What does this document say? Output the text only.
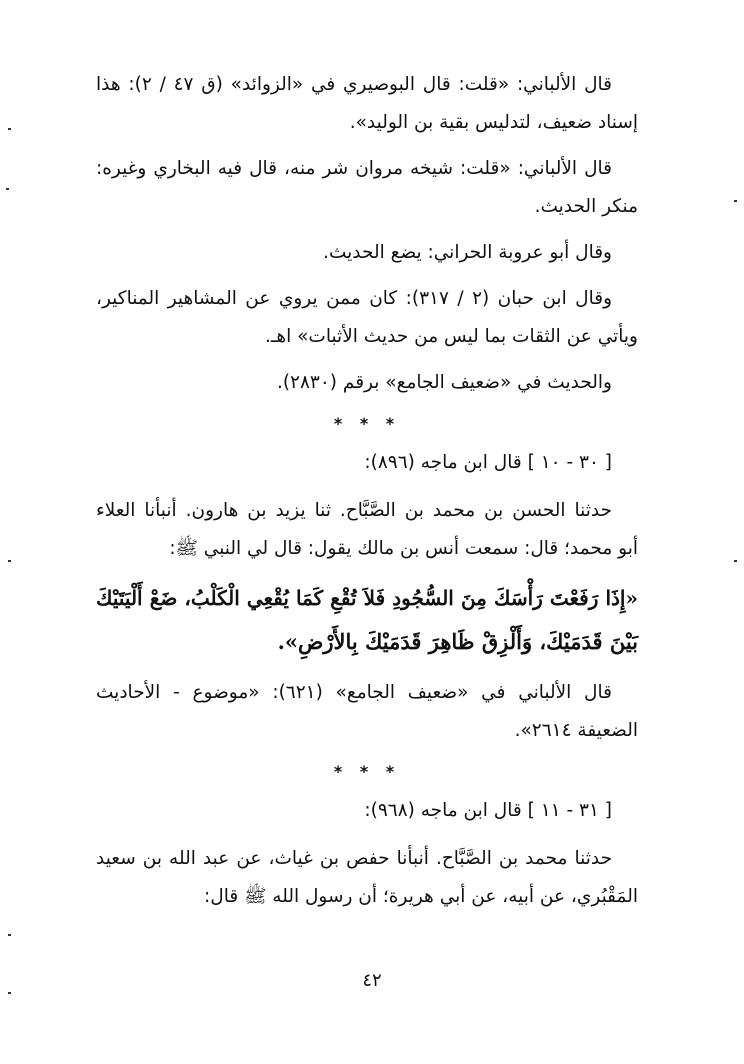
قال الألباني: «قلت: قال البوصيري في «الزوائد» (ق ٤٧ / ٢): هذا
إسناد ضعيف، لتدليس بقية بن الوليد».
قال الألباني: «قلت: شيخه مروان شر منه، قال فيه البخاري وغيره:
منكر الحديث.
وقال أبو عروبة الحراني: يضع الحديث.
وقال ابن حبان (٢ / ٣١٧): كان ممن يروي عن المشاهير المناكير،
ويأتي عن الثقات بما ليس من حديث الأثبات» اهـ.
والحديث في «ضعيف الجامع» برقم (٢٨٣٠).
* * *
[ ٣٠ - ١٠ ] قال ابن ماجه (٨٩٦):
حدثنا الحسن بن محمد بن الصَّبَّاح. ثنا يزيد بن هارون. أنبأنا العلاء
أبو محمد؛ قال: سمعت أنس بن مالك يقول: قال لي النبي ﷺ:
«إِذَا رَفَعْتَ رَأْسَكَ مِنَ السُّجُودِ فَلاَ تُقْعِ كَمَا يُقْعِي الْكَلْبُ، ضَعْ أَلْيَتَيْكَ
بَيْنَ قَدَمَيْكَ، وَأَلْزِقْ ظَاهِرَ قَدَمَيْكَ بِالأَرْضِ».
قال الألباني في «ضعيف الجامع» (٦٢١): «موضوع - الأحاديث
الضعيفة ٢٦١٤».
* * *
[ ٣١ - ١١ ] قال ابن ماجه (٩٦٨):
حدثنا محمد بن الصَّبَّاح. أنبأنا حفص بن غياث، عن عبد الله بن سعيد
المَقْبُري، عن أبيه، عن أبي هريرة؛ أن رسول الله ﷺ قال:
٤٢
